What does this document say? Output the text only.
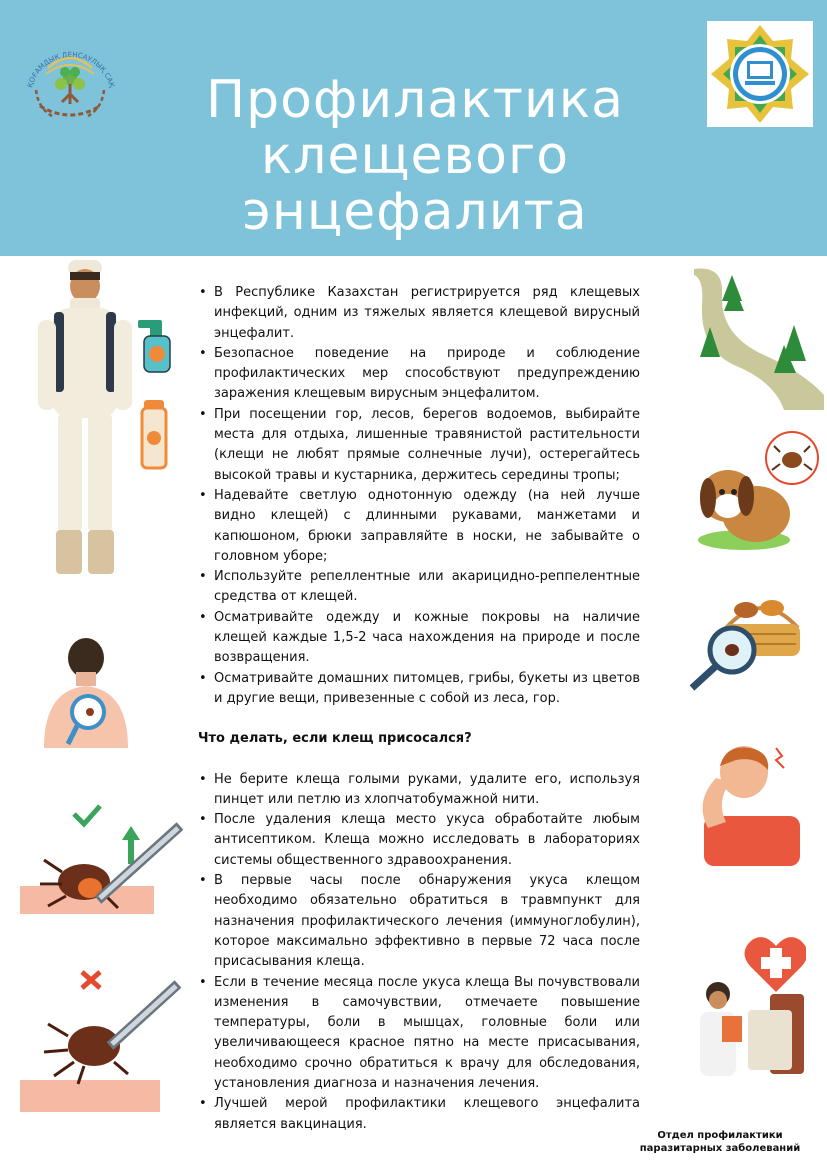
ҚОҒАМДЫҚ ДЕНСАУЛЫҚ САҚ	Профилактика клещевого энцефалита
• В Республике Казахстан регистрируется ряд клещевых инфекций, одним из тяжелых является клещевой вирусный энцефалит.
• Безопасное поведение на природе и соблюдение профилактических мер способствуют предупреждению заражения клещевым вирусным энцефалитом.
• При посещении гор, лесов, берегов водоемов, выбирайте места для отдыха, лишенные травянистой растительности (клещи не любят прямые солнечные лучи), остерегайтесь высокой травы и кустарника, держитесь середины тропы;
• Надевайте светлую однотонную одежду (на ней лучше видно клещей) с длинными рукавами, манжетами и капюшоном, брюки заправляйте в носки, не забывайте о головном уборе;
• Используйте репеллентные или акарицидно-реппелентные средства от клещей.
• Осматривайте одежду и кожные покровы на наличие клещей каждые 1,5-2 часа нахождения на природе и после возвращения.
• Осматривайте домашних питомцев, грибы, букеты из цветов и другие вещи, привезенные с собой из леса, гор.
Что делать, если клещ присосался?
• Не берите клеща голыми руками, удалите его, используя пинцет или петлю из хлопчатобумажной нити.
• После удаления клеща место укуса обработайте любым антисептиком. Клеща можно исследовать в лабораториях системы общественного здравоохранения.
• В первые часы после обнаружения укуса клещом необходимо обязательно обратиться в травмпункт для назначения профилактического лечения (иммуноглобулин), которое максимально эффективно в первые 72 часа после присасывания клеща.
• Если в течение месяца после укуса клеща Вы почувствовали изменения в самочувствии, отмечаете повышение температуры, боли в мышцах, головные боли или увеличивающееся красное пятно на месте присасывания, необходимо срочно обратиться к врачу для обследования, установления диагноза и назначения лечения.
• Лучшей мерой профилактики клещевого энцефалита является вакцинация.
Отдел профилактики паразитарных заболеваний
